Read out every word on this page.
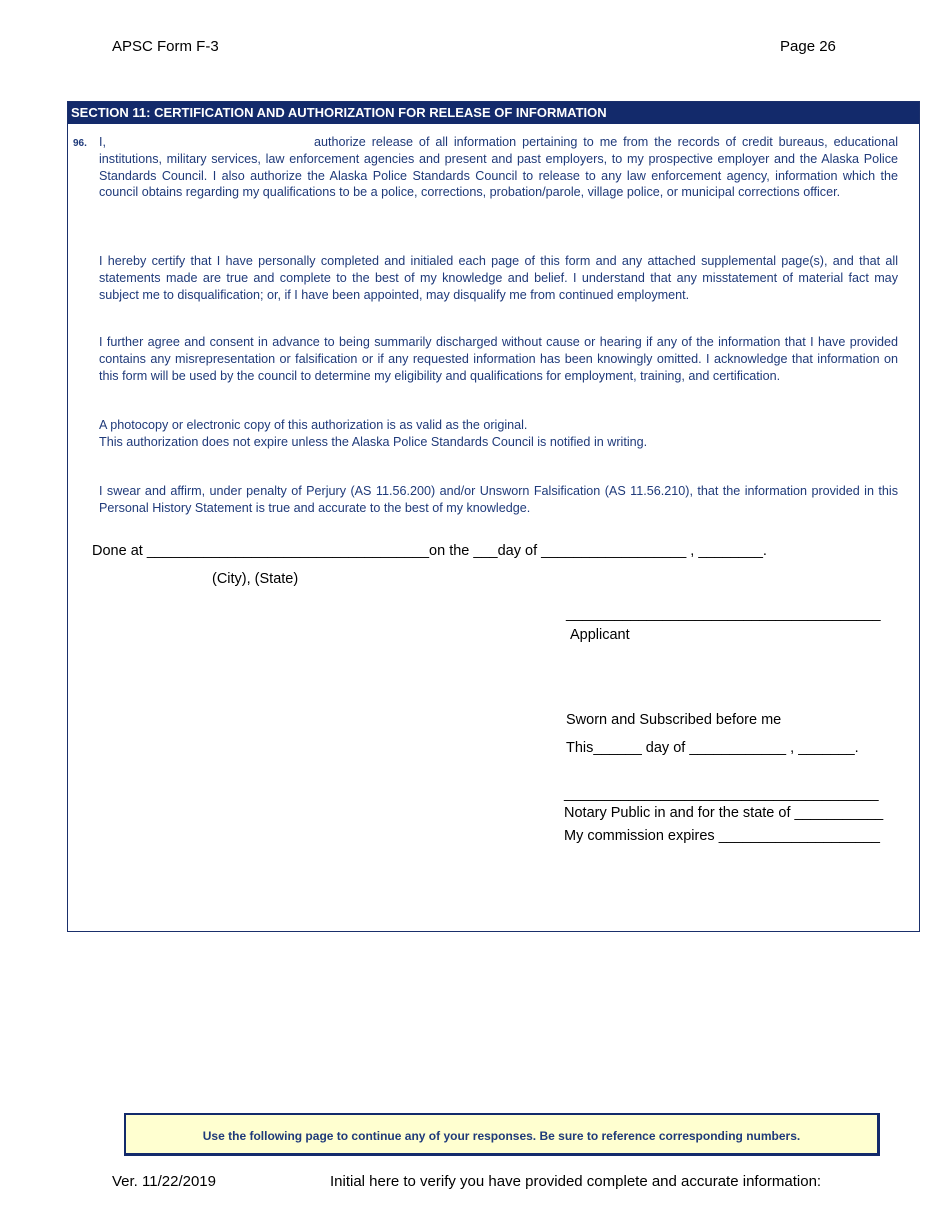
APSC Form F-3	Page 26
SECTION 11: CERTIFICATION AND AUTHORIZATION FOR RELEASE OF INFORMATION
96. I,	authorize release of all information pertaining to me from the records of credit bureaus, educational institutions, military services, law enforcement agencies and present and past employers, to my prospective employer and the Alaska Police Standards Council. I also authorize the Alaska Police Standards Council to release to any law enforcement agency, information which the council obtains regarding my qualifications to be a police, corrections, probation/parole, village police, or municipal corrections officer.
I hereby certify that I have personally completed and initialed each page of this form and any attached supplemental page(s), and that all statements made are true and complete to the best of my knowledge and belief. I understand that any misstatement of material fact may subject me to disqualification; or, if I have been appointed, may disqualify me from continued employment.
I further agree and consent in advance to being summarily discharged without cause or hearing if any of the information that I have provided contains any misrepresentation or falsification or if any requested information has been knowingly omitted. I acknowledge that information on this form will be used by the council to determine my eligibility and qualifications for employment, training, and certification.
A photocopy or electronic copy of this authorization is as valid as the original.
This authorization does not expire unless the Alaska Police Standards Council is notified in writing.
I swear and affirm, under penalty of Perjury (AS 11.56.200) and/or Unsworn Falsification (AS 11.56.210), that the information provided in this Personal History Statement is true and accurate to the best of my knowledge.
Done at ___________________________________on the ___day of __________________ , ________.
(City), (State)
_______________________________________
Applicant
Sworn and Subscribed before me
This______ day of ____________ , _______.
_______________________________________
Notary Public in and for the state of ___________
My commission expires ____________________
Use the following page to continue any of your responses. Be sure to reference corresponding numbers.
Ver. 11/22/2019	Initial here to verify you have provided complete and accurate information:
